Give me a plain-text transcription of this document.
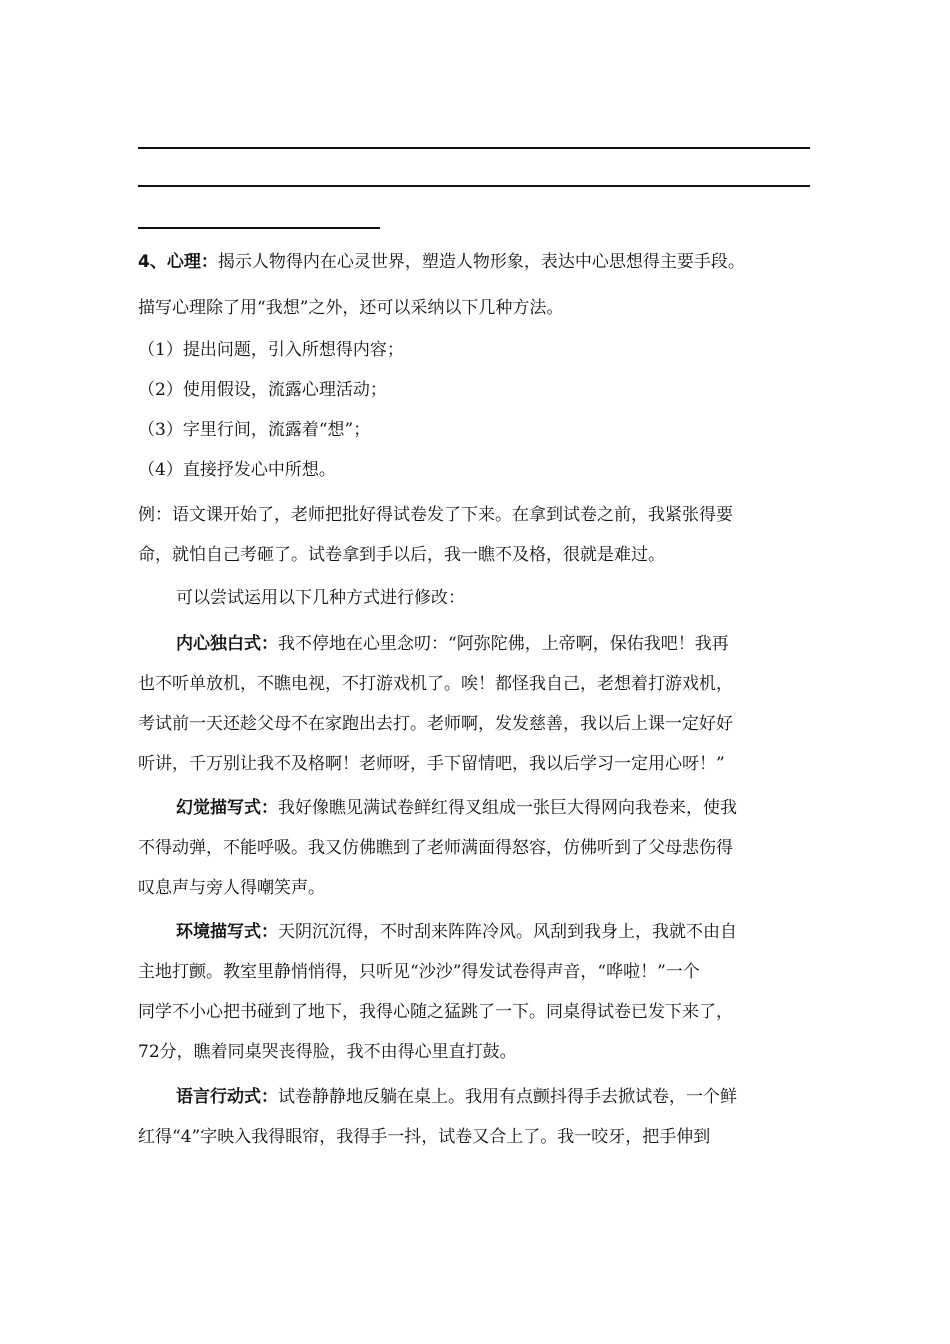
4、心理：揭示人物得内在心灵世界，塑造人物形象，表达中心思想得主要手段。
描写心理除了用“我想”之外，还可以采纳以下几种方法。
（1）提出问题，引入所想得内容；
（2）使用假设，流露心理活动；
（3）字里行间，流露着“想”；
（4）直接抒发心中所想。
例：语文课开始了，老师把批好得试卷发了下来。在拿到试卷之前，我紧张得要
命，就怕自己考砸了。试卷拿到手以后，我一瞧不及格，很就是难过。
可以尝试运用以下几种方式进行修改：
内心独白式：我不停地在心里念叨：“阿弥陀佛，上帝啊，保佑我吧！我再
也不听单放机，不瞧电视，不打游戏机了。唉！都怪我自己，老想着打游戏机，
考试前一天还趁父母不在家跑出去打。老师啊，发发慈善，我以后上课一定好好
听讲，千万别让我不及格啊！老师呀，手下留情吧，我以后学习一定用心呀！”
幻觉描写式：我好像瞧见满试卷鲜红得叉组成一张巨大得网向我卷来，使我
不得动弹，不能呼吸。我又仿佛瞧到了老师满面得怒容，仿佛听到了父母悲伤得
叹息声与旁人得嘲笑声。
环境描写式：天阴沉沉得，不时刮来阵阵冷风。风刮到我身上，我就不由自
主地打颤。教室里静悄悄得，只听见“沙沙”得发试卷得声音，“哗啦！”一个
同学不小心把书碰到了地下，我得心随之猛跳了一下。同桌得试卷已发下来了，
72分，瞧着同桌哭丧得脸，我不由得心里直打鼓。
语言行动式：试卷静静地反躺在桌上。我用有点颤抖得手去掀试卷，一个鲜
红得“4”字映入我得眼帘，我得手一抖，试卷又合上了。我一咬牙，把手伸到
